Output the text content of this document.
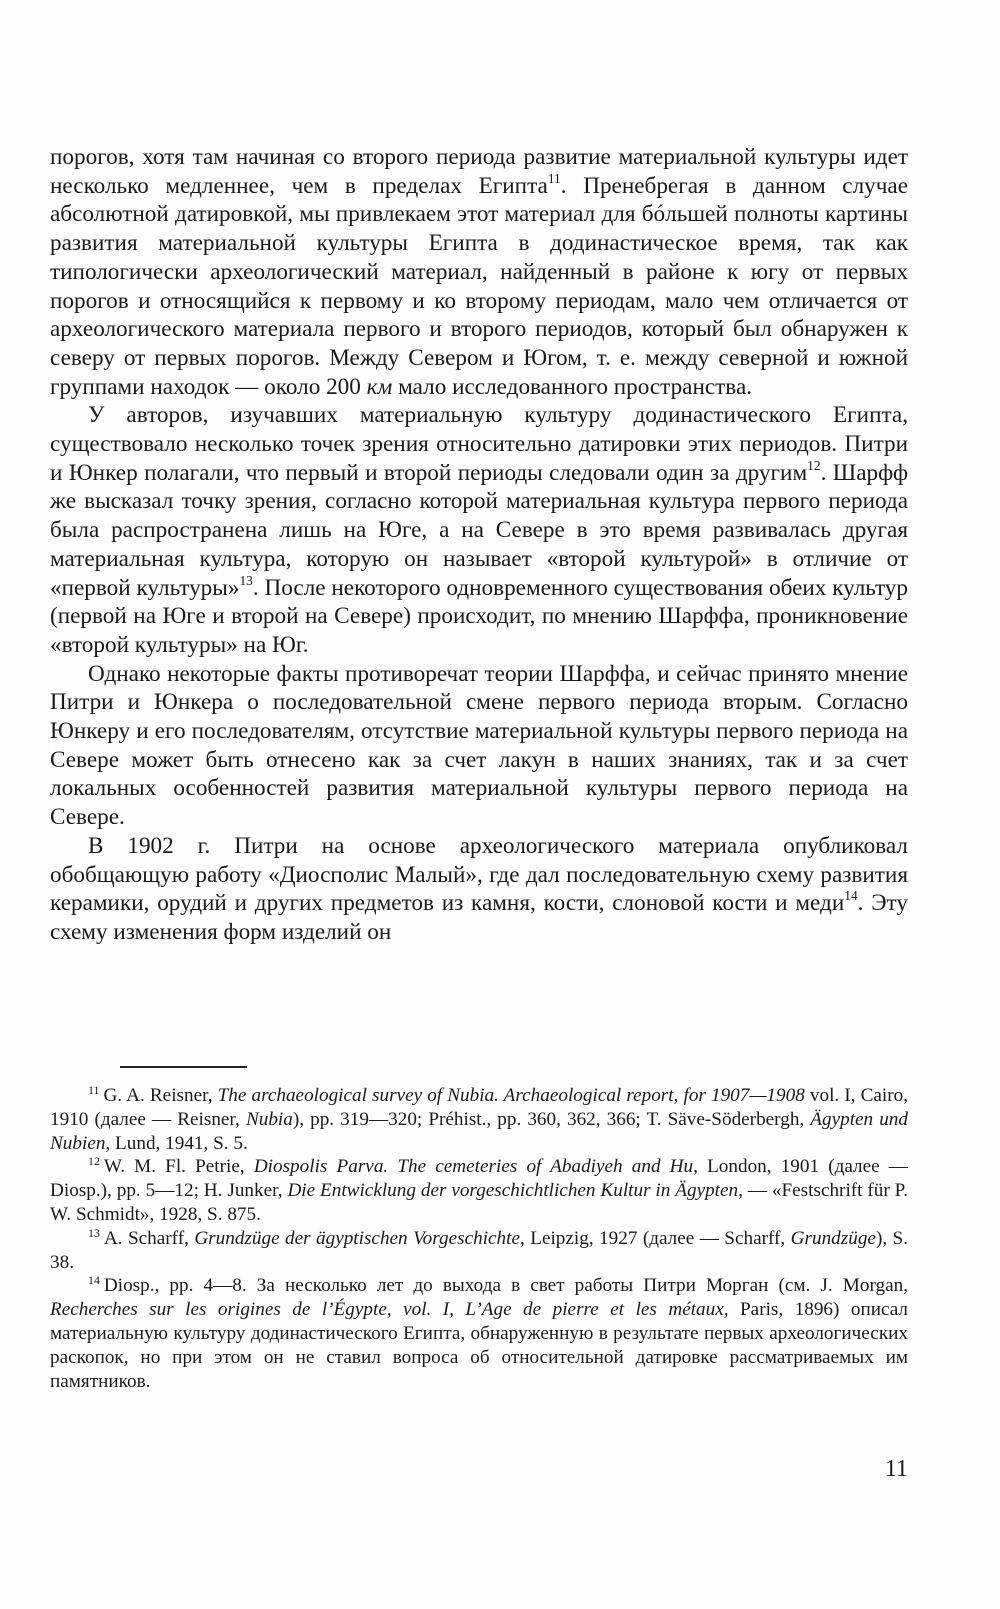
порогов, хотя там начиная со второго периода развитие материальной культуры идет несколько медленнее, чем в пределах Египта$^{11}$. Пренебрегая в данном случае абсолютной датировкой, мы привлекаем этот материал для бóльшей полноты картины развития материальной культуры Египта в додинастическое время, так как типологически археологический материал, найденный в районе к югу от первых порогов и относящийся к первому и ко второму периодам, мало чем отличается от археологического материала первого и второго периодов, который был обнаружен к северу от первых порогов. Между Севером и Югом, т. е. между северной и южной группами находок — около 200 км мало исследованного пространства.

У авторов, изучавших материальную культуру додинастического Египта, существовало несколько точек зрения относительно датировки этих периодов. Питри и Юнкер полагали, что первый и второй периоды следовали один за другим$^{12}$. Шарфф же высказал точку зрения, согласно которой материальная культура первого периода была распространена лишь на Юге, а на Севере в это время развивалась другая материальная культура, которую он называет «второй культурой» в отличие от «первой культуры»$^{13}$. После некоторого одновременного существования обеих культур (первой на Юге и второй на Севере) происходит, по мнению Шарффа, проникновение «второй культуры» на Юг.

Однако некоторые факты противоречат теории Шарффа, и сейчас принято мнение Питри и Юнкера о последовательной смене первого периода вторым. Согласно Юнкеру и его последователям, отсутствие материальной культуры первого периода на Севере может быть отнесено как за счет лакун в наших знаниях, так и за счет локальных особенностей развития материальной культуры первого периода на Севере.

В 1902 г. Питри на основе археологического материала опубликовал обобщающую работу «Диосполис Малый», где дал последовательную схему развития керамики, орудий и других предметов из камня, кости, слоновой кости и меди$^{14}$. Эту схему изменения форм изделий он

$^{11}$ G. A. Reisner, The archaeological survey of Nubia. Archaeological report, for 1907—1908 vol. I, Cairo, 1910 (далее — Reisner, Nubia), pp. 319—320; Préhist., pp. 360, 362, 366; T. Säve-Söderbergh, Ägypten und Nubien, Lund, 1941, S. 5.

$^{12}$ W. M. Fl. Petrie, Diospolis Parva. The cemeteries of Abadiyeh and Hu, London, 1901 (далее — Diosp.), pp. 5—12; H. Junker, Die Entwicklung der vorgeschichtlichen Kultur in Ägypten, — «Festschrift für P. W. Schmidt», 1928, S. 875.

$^{13}$ A. Scharff, Grundzüge der ägyptischen Vorgeschichte, Leipzig, 1927 (далее — Scharff, Grundzüge), S. 38.

$^{14}$ Diosp., pp. 4—8. За несколько лет до выхода в свет работы Питри Морган (см. J. Morgan, Recherches sur les origines de l’Égypte, vol. I, L’Age de pierre et les métaux, Paris, 1896) описал материальную культуру додинастического Египта, обнаруженную в результате первых археологических раскопок, но при этом он не ставил вопроса об относительной датировке рассматриваемых им памятников.

11
